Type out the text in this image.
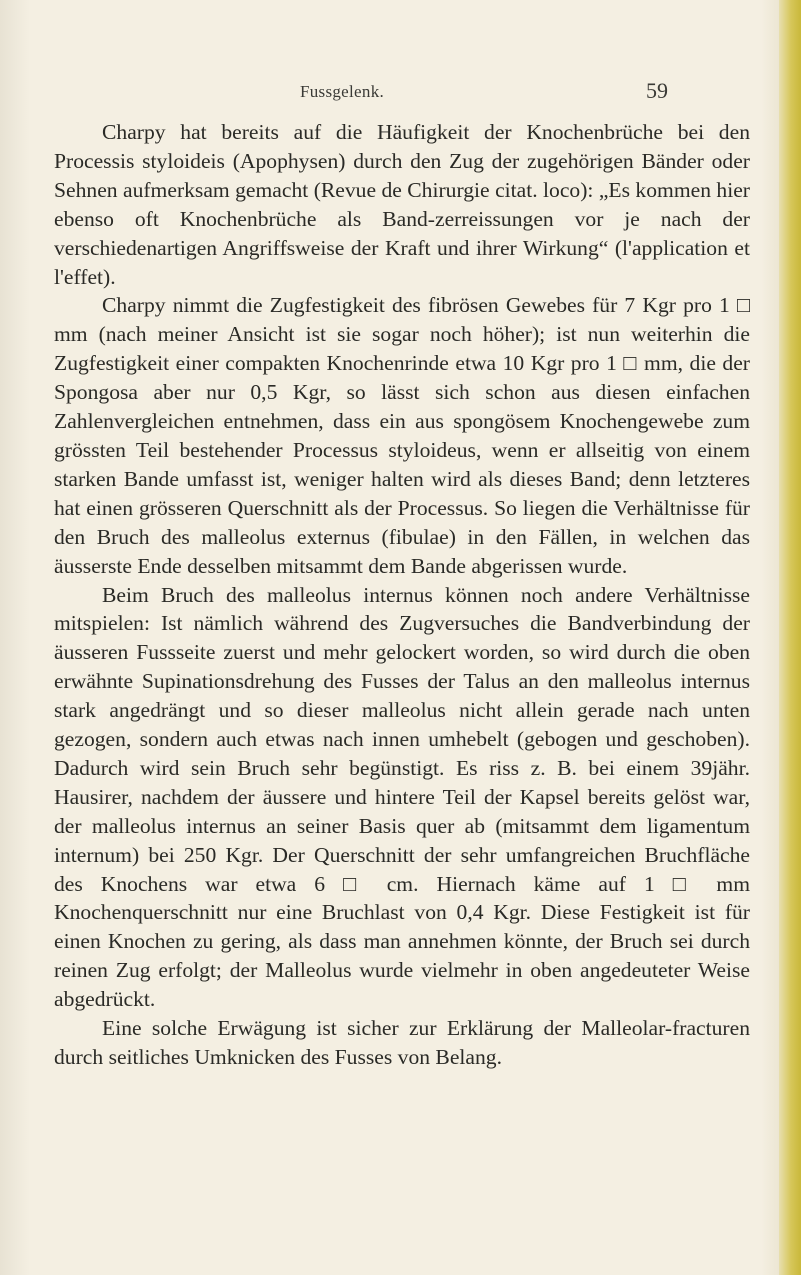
Fussgelenk.	59

Charpy hat bereits auf die Häufigkeit der Knochenbrüche bei den Processis styloideis (Apophysen) durch den Zug der zugehörigen Bänder oder Sehnen aufmerksam gemacht (Revue de Chirurgie citat. loco): „Es kommen hier ebenso oft Knochenbrüche als Band-zerreissungen vor je nach der verschiedenartigen Angriffsweise der Kraft und ihrer Wirkung“ (l'application et l'effet).

Charpy nimmt die Zugfestigkeit des fibrösen Gewebes für 7 Kgr pro 1 □ mm (nach meiner Ansicht ist sie sogar noch höher); ist nun weiterhin die Zugfestigkeit einer compakten Knochenrinde etwa 10 Kgr pro 1 □ mm, die der Spongosa aber nur 0,5 Kgr, so lässt sich schon aus diesen einfachen Zahlenvergleichen entnehmen, dass ein aus spongösem Knochengewebe zum grössten Teil bestehender Processus styloideus, wenn er allseitig von einem starken Bande umfasst ist, weniger halten wird als dieses Band; denn letzteres hat einen grösseren Querschnitt als der Processus. So liegen die Verhältnisse für den Bruch des malleolus externus (fibulae) in den Fällen, in welchen das äusserste Ende desselben mitsammt dem Bande abgerissen wurde.

Beim Bruch des malleolus internus können noch andere Verhältnisse mitspielen: Ist nämlich während des Zugversuches die Bandverbindung der äusseren Fussseite zuerst und mehr gelockert worden, so wird durch die oben erwähnte Supinationsdrehung des Fusses der Talus an den malleolus internus stark angedrängt und so dieser malleolus nicht allein gerade nach unten gezogen, sondern auch etwas nach innen umhebelt (gebogen und geschoben). Dadurch wird sein Bruch sehr begünstigt. Es riss z. B. bei einem 39jähr. Hausirer, nachdem der äussere und hintere Teil der Kapsel bereits gelöst war, der malleolus internus an seiner Basis quer ab (mitsammt dem ligamentum internum) bei 250 Kgr. Der Querschnitt der sehr umfangreichen Bruchfläche des Knochens war etwa 6 □ cm. Hiernach käme auf 1 □ mm Knochenquerschnitt nur eine Bruchlast von 0,4 Kgr. Diese Festigkeit ist für einen Knochen zu gering, als dass man annehmen könnte, der Bruch sei durch reinen Zug erfolgt; der Malleolus wurde vielmehr in oben angedeuteter Weise abgedrückt.

Eine solche Erwägung ist sicher zur Erklärung der Malleolar-fracturen durch seitliches Umknicken des Fusses von Belang.
